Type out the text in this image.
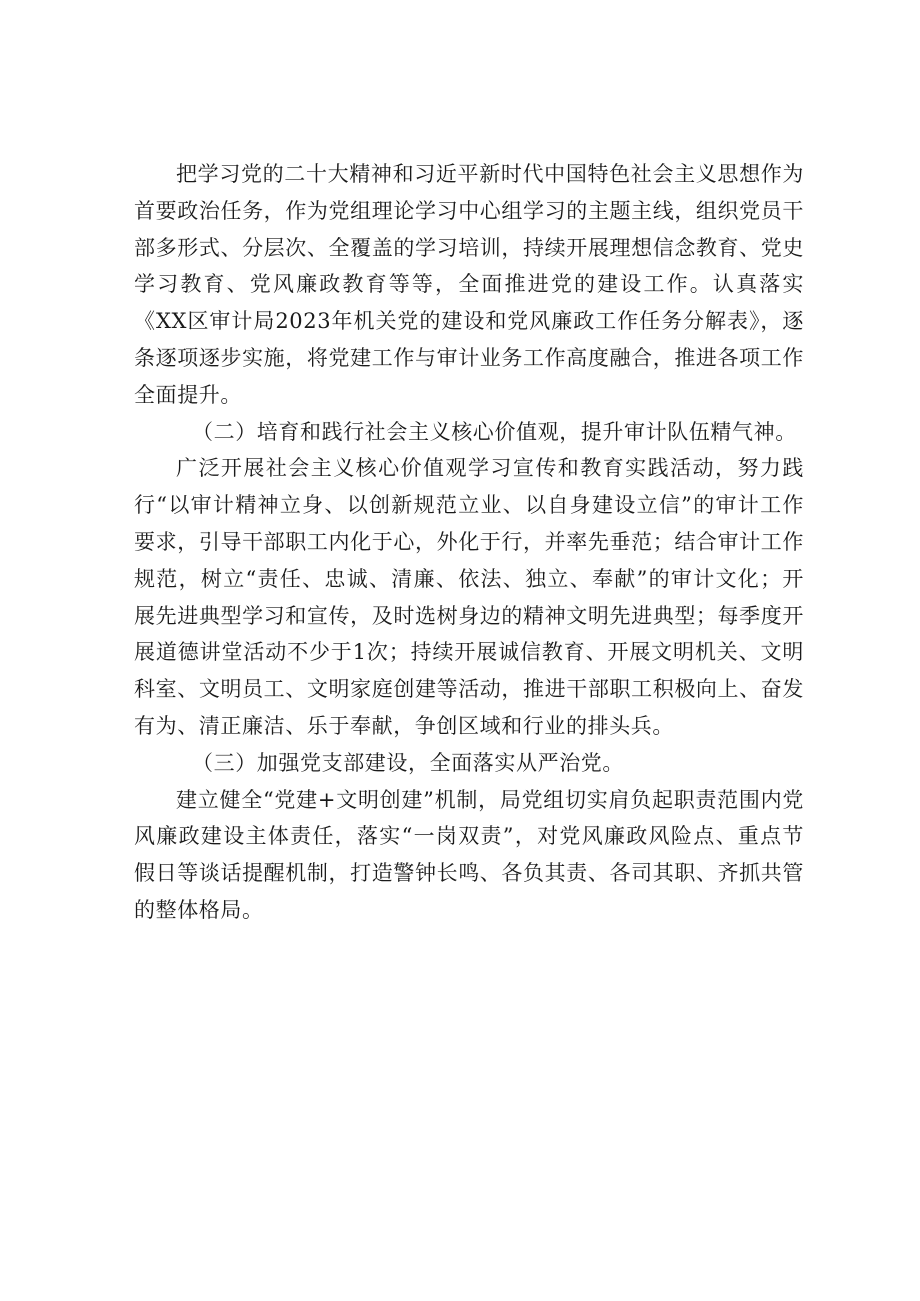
把学习党的二十大精神和习近平新时代中国特色社会主义思想作为首要政治任务，作为党组理论学习中心组学习的主题主线，组织党员干部多形式、分层次、全覆盖的学习培训，持续开展理想信念教育、党史学习教育、党风廉政教育等等，全面推进党的建设工作。认真落实《XX区审计局2023年机关党的建设和党风廉政工作任务分解表》，逐条逐项逐步实施，将党建工作与审计业务工作高度融合，推进各项工作全面提升。

（二）培育和践行社会主义核心价值观，提升审计队伍精气神。

广泛开展社会主义核心价值观学习宣传和教育实践活动，努力践行“以审计精神立身、以创新规范立业、以自身建设立信”的审计工作要求，引导干部职工内化于心，外化于行，并率先垂范；结合审计工作规范，树立“责任、忠诚、清廉、依法、独立、奉献”的审计文化；开展先进典型学习和宣传，及时选树身边的精神文明先进典型；每季度开展道德讲堂活动不少于1次；持续开展诚信教育、开展文明机关、文明科室、文明员工、文明家庭创建等活动，推进干部职工积极向上、奋发有为、清正廉洁、乐于奉献，争创区域和行业的排头兵。

（三）加强党支部建设，全面落实从严治党。

建立健全“党建+文明创建”机制，局党组切实肩负起职责范围内党风廉政建设主体责任，落实“一岗双责”，对党风廉政风险点、重点节假日等谈话提醒机制，打造警钟长鸣、各负其责、各司其职、齐抓共管的整体格局。
